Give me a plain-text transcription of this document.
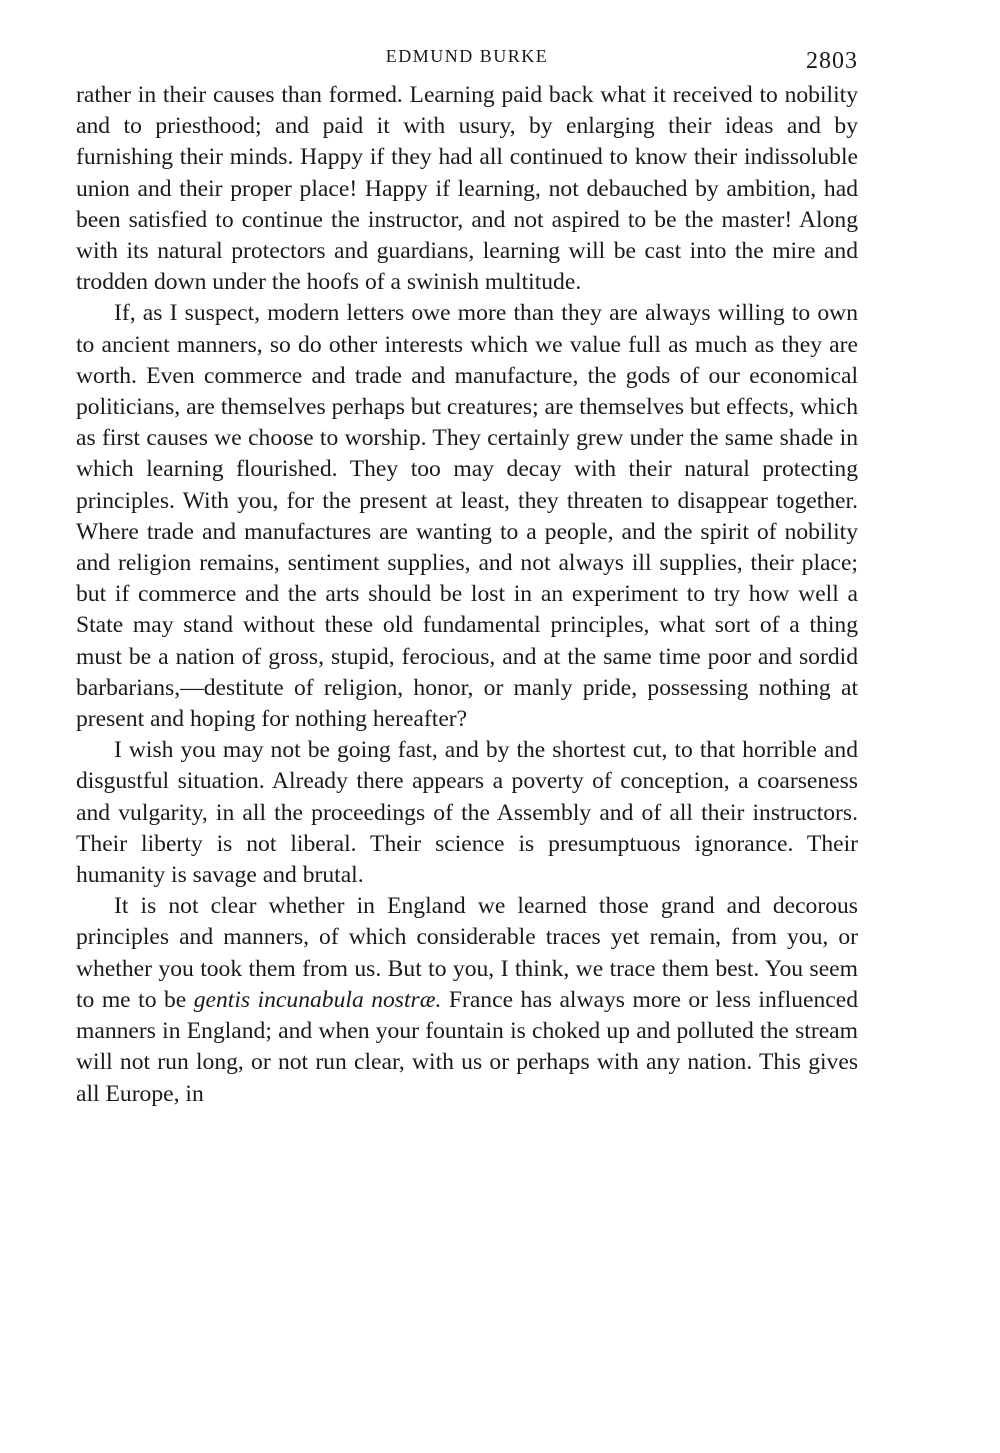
EDMUND BURKE	2803

rather in their causes than formed. Learning paid back what it received to nobility and to priesthood; and paid it with usury, by enlarging their ideas and by furnishing their minds. Happy if they had all continued to know their indissoluble union and their proper place! Happy if learning, not debauched by ambition, had been satisfied to continue the instructor, and not aspired to be the master! Along with its natural protectors and guardians, learning will be cast into the mire and trodden down under the hoofs of a swinish multitude.

If, as I suspect, modern letters owe more than they are always willing to own to ancient manners, so do other interests which we value full as much as they are worth. Even commerce and trade and manufacture, the gods of our economical politicians, are themselves perhaps but creatures; are themselves but effects, which as first causes we choose to worship. They certainly grew under the same shade in which learning flourished. They too may decay with their natural protecting principles. With you, for the present at least, they threaten to disappear together. Where trade and manufactures are wanting to a people, and the spirit of nobility and religion remains, sentiment supplies, and not always ill supplies, their place; but if commerce and the arts should be lost in an experiment to try how well a State may stand without these old fundamental principles, what sort of a thing must be a nation of gross, stupid, ferocious, and at the same time poor and sordid barbarians,—destitute of religion, honor, or manly pride, possessing nothing at present and hoping for nothing hereafter?

I wish you may not be going fast, and by the shortest cut, to that horrible and disgustful situation. Already there appears a poverty of conception, a coarseness and vulgarity, in all the proceedings of the Assembly and of all their instructors. Their liberty is not liberal. Their science is presumptuous ignorance. Their humanity is savage and brutal.

It is not clear whether in England we learned those grand and decorous principles and manners, of which considerable traces yet remain, from you, or whether you took them from us. But to you, I think, we trace them best. You seem to me to be gentis incunabula nostræ. France has always more or less influenced manners in England; and when your fountain is choked up and polluted the stream will not run long, or not run clear, with us or perhaps with any nation. This gives all Europe, in
